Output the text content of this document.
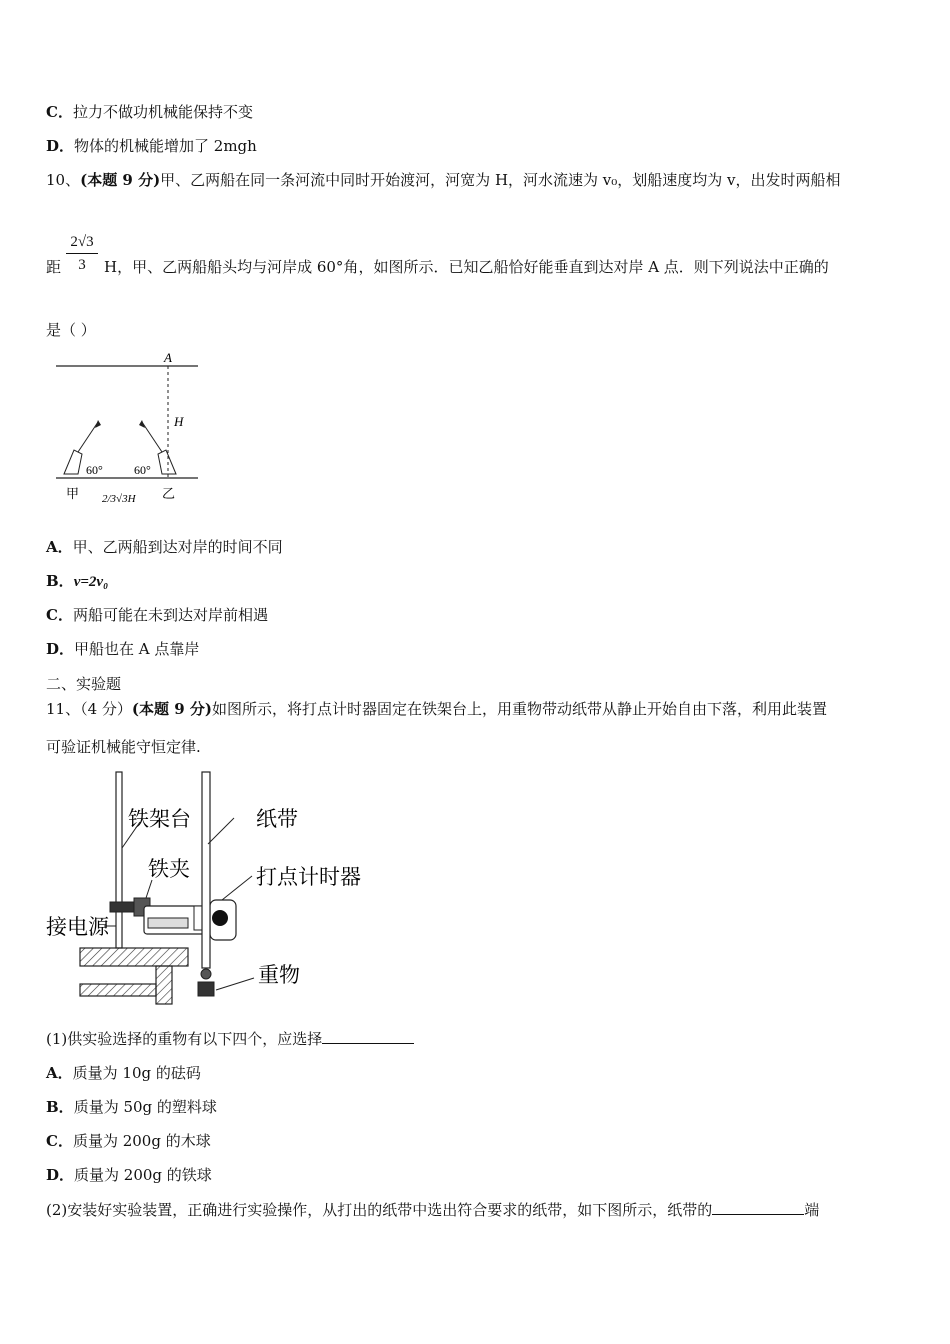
C．拉力不做功机械能保持不变
D．物体的机械能增加了 2mgh
10、(本题 9 分)甲、乙两船在同一条河流中同时开始渡河，河宽为 H，河水流速为 v₀，划船速度均为 v，出发时两船相
距
2√3
3	H，甲、乙两船船头均与河岸成 60°角，如图所示．已知乙船恰好能垂直到达对岸 A 点．则下列说法中正确的
是（ ）
A
H
60°	60°
甲	乙
2/3√3H
A．甲、乙两船到达对岸的时间不同
B．v=2v₀
C．两船可能在未到达对岸前相遇
D．甲船也在 A 点靠岸
二、实验题
11、（4 分）(本题 9 分)如图所示，将打点计时器固定在铁架台上，用重物带动纸带从静止开始自由下落，利用此装置
可验证机械能守恒定律.
铁架台	纸带
铁夹	打点计时器
接电源
重物
(1)供实验选择的重物有以下四个，应选择
A．质量为 10g 的砝码
B．质量为 50g 的塑料球
C．质量为 200g 的木球
D．质量为 200g 的铁球
(2)安装好实验装置，正确进行实验操作，从打出的纸带中选出符合要求的纸带，如下图所示，纸带的	端
